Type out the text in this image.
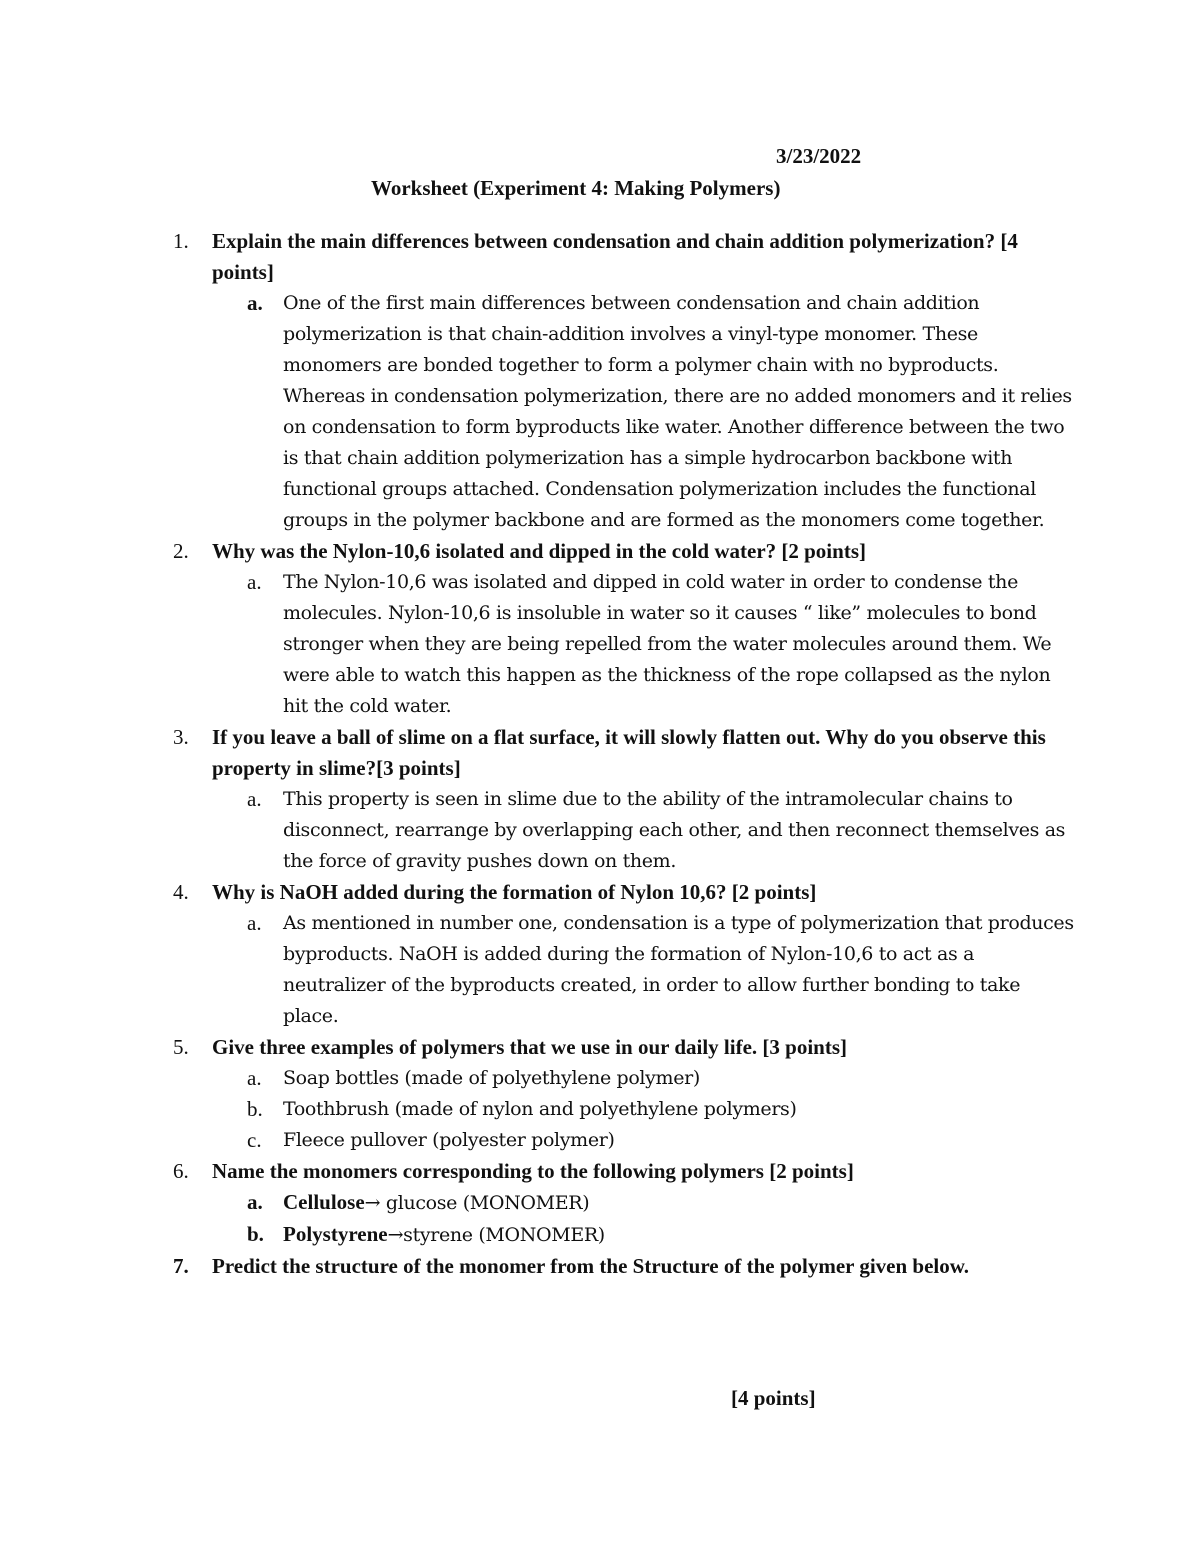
3/23/2022
Worksheet (Experiment 4: Making Polymers)
1. Explain the main differences between condensation and chain addition polymerization? [4 points]
a. One of the first main differences between condensation and chain addition polymerization is that chain-addition involves a vinyl-type monomer. These monomers are bonded together to form a polymer chain with no byproducts. Whereas in condensation polymerization, there are no added monomers and it relies on condensation to form byproducts like water. Another difference between the two is that chain addition polymerization has a simple hydrocarbon backbone with functional groups attached. Condensation polymerization includes the functional groups in the polymer backbone and are formed as the monomers come together.
2. Why was the Nylon-10,6 isolated and dipped in the cold water? [2 points]
a. The Nylon-10,6 was isolated and dipped in cold water in order to condense the molecules. Nylon-10,6 is insoluble in water so it causes “ like” molecules to bond stronger when they are being repelled from the water molecules around them. We were able to watch this happen as the thickness of the rope collapsed as the nylon hit the cold water.
3. If you leave a ball of slime on a flat surface, it will slowly flatten out. Why do you observe this property in slime?[3 points]
a. This property is seen in slime due to the ability of the intramolecular chains to disconnect, rearrange by overlapping each other, and then reconnect themselves as the force of gravity pushes down on them.
4. Why is NaOH added during the formation of Nylon 10,6? [2 points]
a. As mentioned in number one, condensation is a type of polymerization that produces byproducts. NaOH is added during the formation of Nylon-10,6 to act as a neutralizer of the byproducts created, in order to allow further bonding to take place.
5. Give three examples of polymers that we use in our daily life. [3 points]
a. Soap bottles (made of polyethylene polymer)
b. Toothbrush (made of nylon and polyethylene polymers)
c. Fleece pullover (polyester polymer)
6. Name the monomers corresponding to the following polymers [2 points]
a. Cellulose→ glucose (MONOMER)
b. Polystyrene→styrene (MONOMER)
7. Predict the structure of the monomer from the Structure of the polymer given below.
[4 points]
